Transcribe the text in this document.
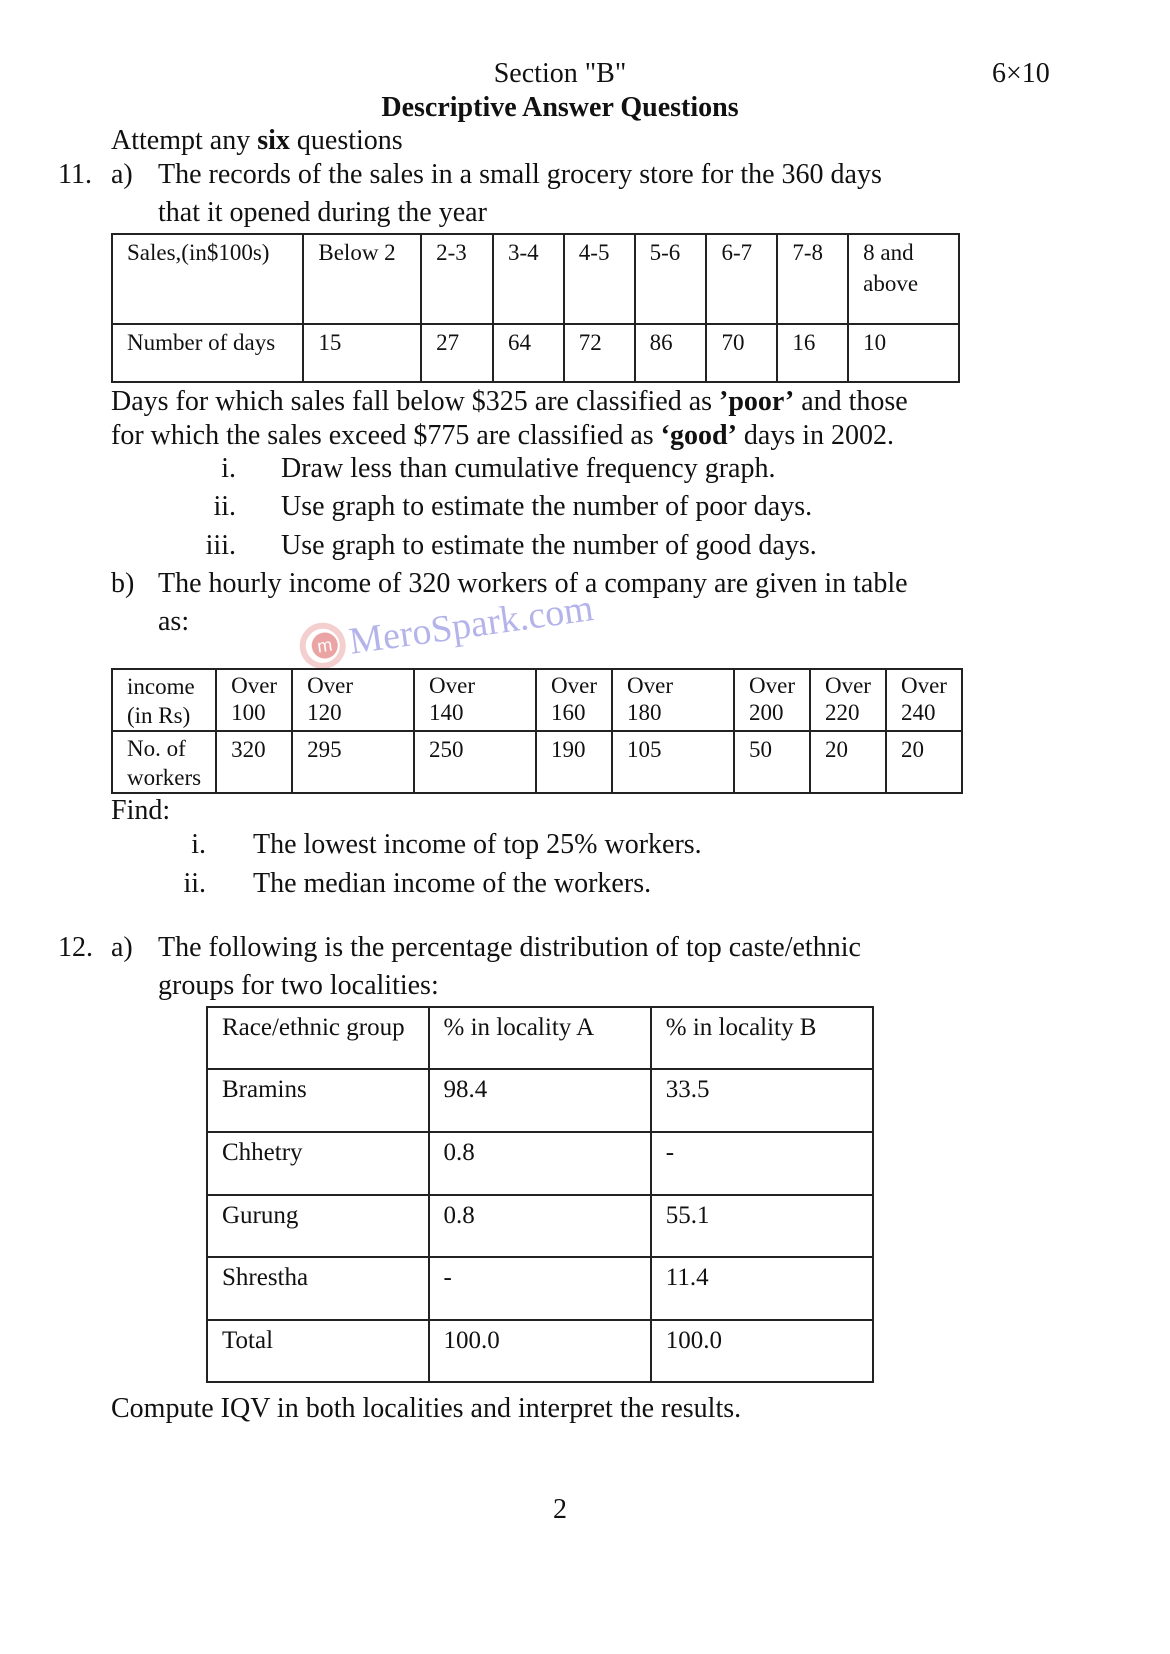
Section "B"	6×10
Descriptive Answer Questions
Attempt any six questions
11. a) The records of the sales in a small grocery store for the 360 days
that it opened during the year
Sales,(in$100s)	Below 2	2-3	3-4	4-5	5-6	6-7	7-8	8 and above
Number of days	15	27	64	72	86	70	16	10
Days for which sales fall below $325 are classified as ’poor’ and those
for which the sales exceed $775 are classified as ‘good’ days in 2002.
i. Draw less than cumulative frequency graph.
ii. Use graph to estimate the number of poor days.
iii. Use graph to estimate the number of good days.
b) The hourly income of 320 workers of a company are given in table
as: m	MeroSpark.com
income (in Rs)	Over 100	Over 120	Over 140	Over 160	Over 180	Over 200	Over 220	Over 240
No. of workers	320	295	250	190	105	50	20	20
Find:
i. The lowest income of top 25% workers.
ii. The median income of the workers.
12. a) The following is the percentage distribution of top caste/ethnic
groups for two localities:
Race/ethnic group	% in locality A	% in locality B
Bramins	98.4	33.5
Chhetry	0.8	-
Gurung	0.8	55.1
Shrestha	-	11.4
Total	100.0	100.0
Compute IQV in both localities and interpret the results.
2
